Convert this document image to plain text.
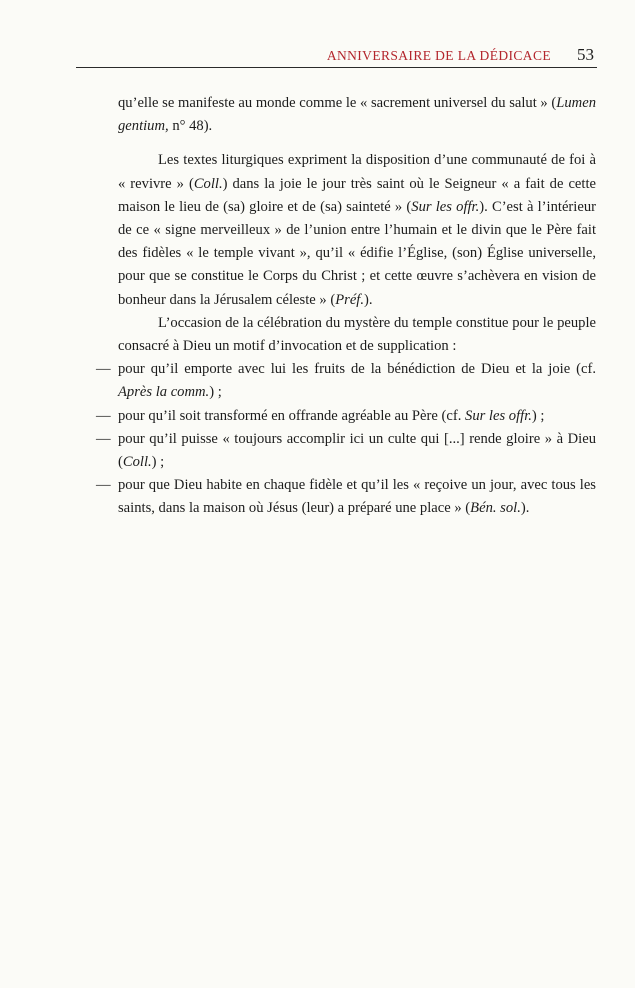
ANNIVERSAIRE DE LA DÉDICACE 53

qu’elle se manifeste au monde comme le « sacrement universel du salut » (Lumen gentium, n° 48).

Les textes liturgiques expriment la disposition d’une communauté de foi à « revivre » (Coll.) dans la joie le jour très saint où le Seigneur « a fait de cette maison le lieu de (sa) gloire et de (sa) sainteté » (Sur les offr.). C’est à l’intérieur de ce « signe merveilleux » de l’union entre l’humain et le divin que le Père fait des fidèles « le temple vivant », qu’il « édifie l’Église, (son) Église universelle, pour que se constitue le Corps du Christ ; et cette œuvre s’achèvera en vision de bonheur dans la Jérusalem céleste » (Préf.).

L’occasion de la célébration du mystère du temple constitue pour le peuple consacré à Dieu un motif d’invocation et de supplication :

— pour qu’il emporte avec lui les fruits de la bénédiction de Dieu et la joie (cf. Après la comm.) ;
— pour qu’il soit transformé en offrande agréable au Père (cf. Sur les offr.) ;
— pour qu’il puisse « toujours accomplir ici un culte qui [...] rende gloire » à Dieu (Coll.) ;
— pour que Dieu habite en chaque fidèle et qu’il les « reçoive un jour, avec tous les saints, dans la maison où Jésus (leur) a préparé une place » (Bén. sol.).
